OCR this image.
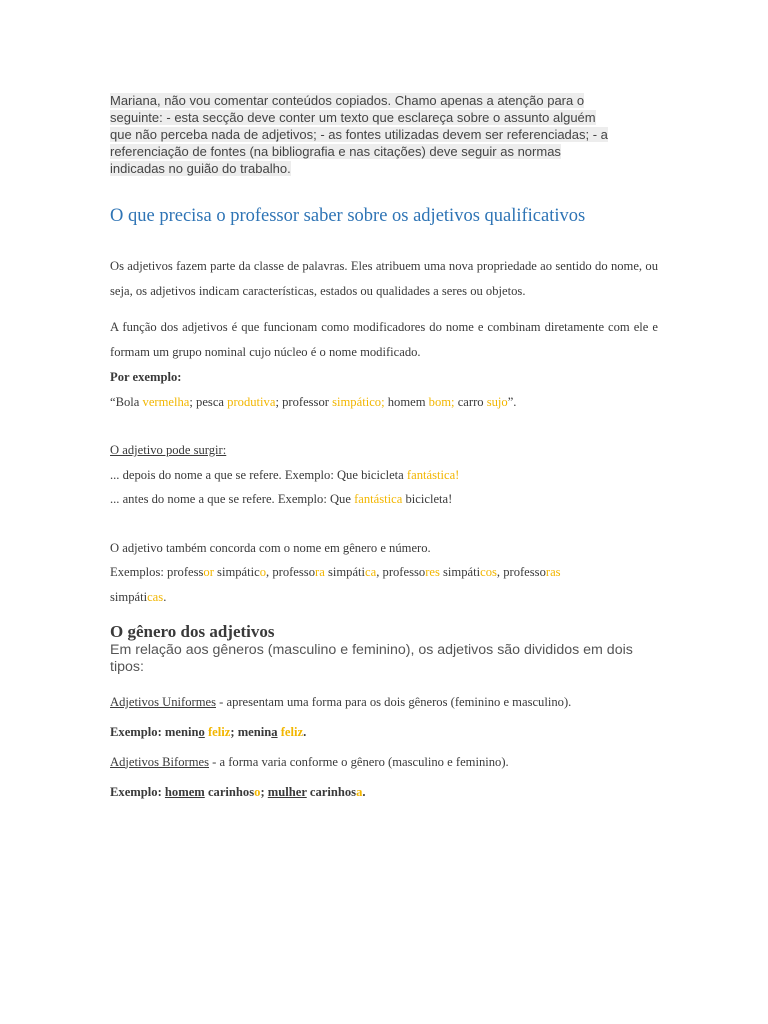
Mariana, não vou comentar conteúdos copiados. Chamo apenas a atenção para o
seguinte: - esta secção deve conter um texto que esclareça sobre o assunto alguém
que não perceba nada de adjetivos; - as fontes utilizadas devem ser referenciadas; - a
referenciação de fontes (na bibliografia e nas citações) deve seguir as normas
indicadas no guião do trabalho.
O que precisa o professor saber sobre os adjetivos qualificativos
Os adjetivos fazem parte da classe de palavras. Eles atribuem uma nova propriedade ao sentido do nome, ou seja, os adjetivos indicam características, estados ou qualidades a seres ou objetos.
A função dos adjetivos é que funcionam como modificadores do nome e combinam diretamente com ele e formam um grupo nominal cujo núcleo é o nome modificado.
Por exemplo:
“Bola vermelha; pesca produtiva; professor simpático; homem bom; carro sujo”.
O adjetivo pode surgir:
... depois do nome a que se refere. Exemplo: Que bicicleta fantástica!
... antes do nome a que se refere. Exemplo: Que fantástica bicicleta!
O adjetivo também concorda com o nome em gênero e número.
Exemplos: professor simpático, professora simpática, professores simpáticos, professoras
simpáticas.
O gênero dos adjetivos
Em relação aos gêneros (masculino e feminino), os adjetivos são divididos em dois tipos:
Adjetivos Uniformes - apresentam uma forma para os dois gêneros (feminino e masculino).
Exemplo: menino feliz; menina feliz.
Adjetivos Biformes - a forma varia conforme o gênero (masculino e feminino).
Exemplo: homem carinhoso; mulher carinhosa.
